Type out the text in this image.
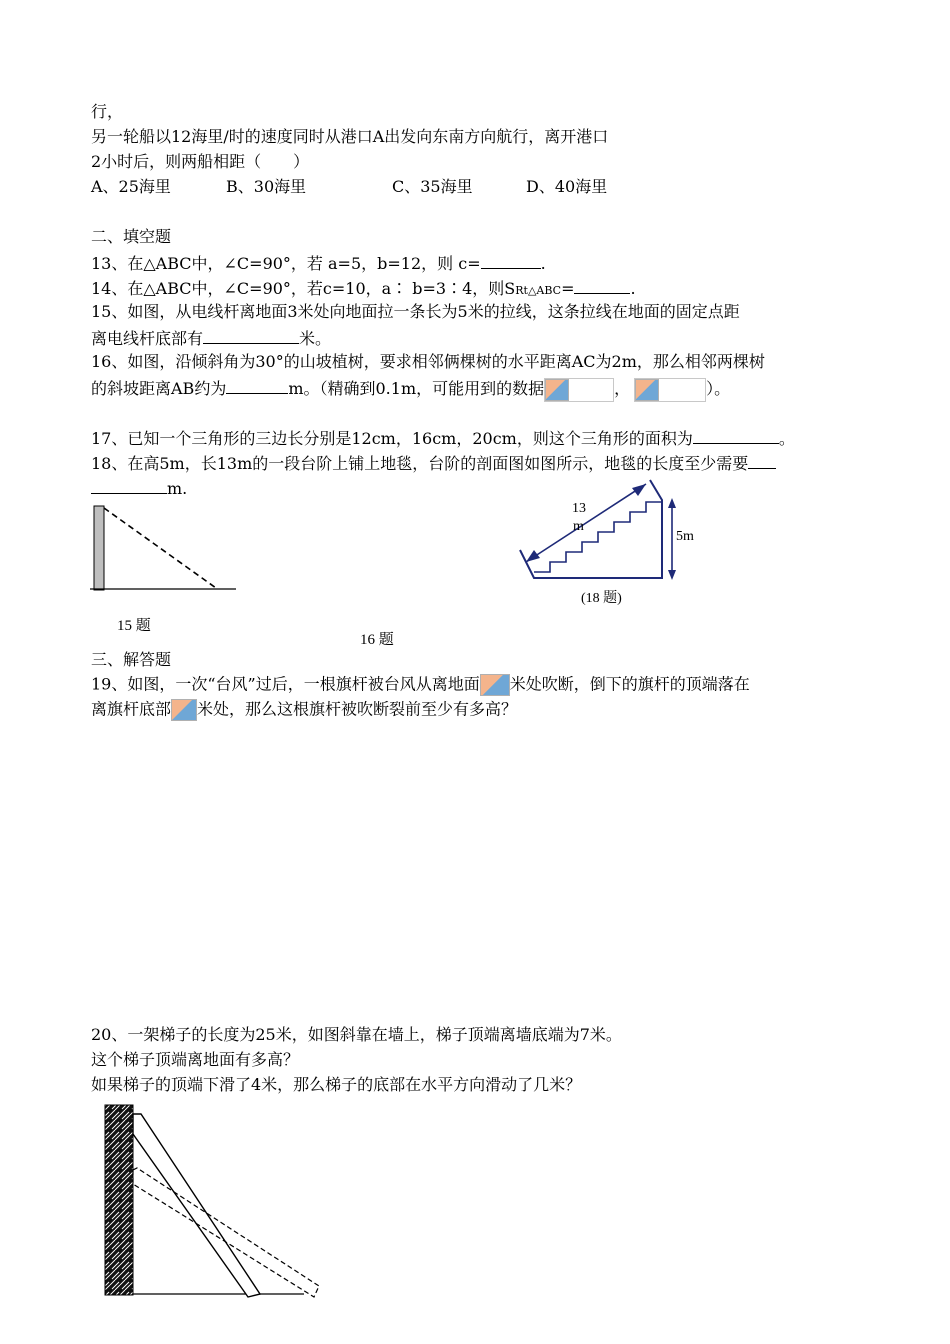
行，
另一轮船以12海里/时的速度同时从港口A出发向东南方向航行，离开港口
2小时后，则两船相距（　　）
A、25海里	B、30海里	C、35海里	D、40海里
二、填空题
13、在△ABC中，∠C=90°，若 a=5，b=12，则 c=	.
14、在△ABC中，∠C=90°，若c=10，a∶ b=3∶4，则SRt△ABC=	.
15、如图，从电线杆离地面3米处向地面拉一条长为5米的拉线，这条拉线在地面的固定点距
离电线杆底部有	米。
16、如图，沿倾斜角为30°的山坡植树，要求相邻俩棵树的水平距离AC为2m，那么相邻两棵树
的斜坡距离AB约为	m。（精确到0.1m，可能用到的数据	，	）。
17、已知一个三角形的三边长分别是12cm，16cm，20cm，则这个三角形的面积为	。
18、在高5m，长13m的一段台阶上铺上地毯，台阶的剖面图如图所示，地毯的长度至少需要
m.
15 题
16 题
13
m
5m
(18 题)
三、解答题
19、如图，一次“台风”过后，一根旗杆被台风从离地面 米处吹断，倒下的旗杆的顶端落在
离旗杆底部 米处，那么这根旗杆被吹断裂前至少有多高？
20、一架梯子的长度为25米，如图斜靠在墙上，梯子顶端离墙底端为7米。
这个梯子顶端离地面有多高？
如果梯子的顶端下滑了4米，那么梯子的底部在水平方向滑动了几米？
